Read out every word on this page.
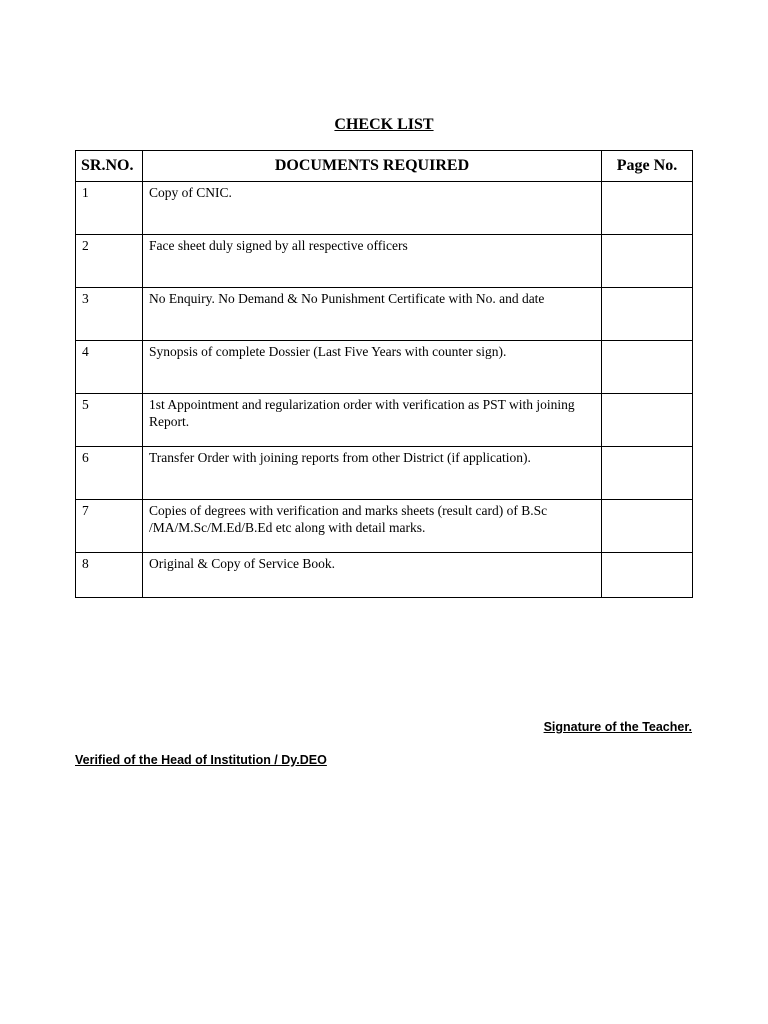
CHECK LIST
SR.NO.	DOCUMENTS REQUIRED	Page No.
1	Copy of CNIC.	
2	Face sheet duly signed by all respective officers	
3	No Enquiry. No Demand & No Punishment Certificate with No. and date	
4	Synopsis of complete Dossier (Last Five Years with counter sign).	
5	1st Appointment and regularization order with verification as PST with joining Report.	
6	Transfer Order with joining reports from other District (if application).	
7	Copies of degrees with verification and marks sheets (result card) of B.Sc /MA/M.Sc/M.Ed/B.Ed etc along with detail marks.	
8	Original & Copy of Service Book.	
Signature of the Teacher.
Verified of the Head of Institution / Dy.DEO
